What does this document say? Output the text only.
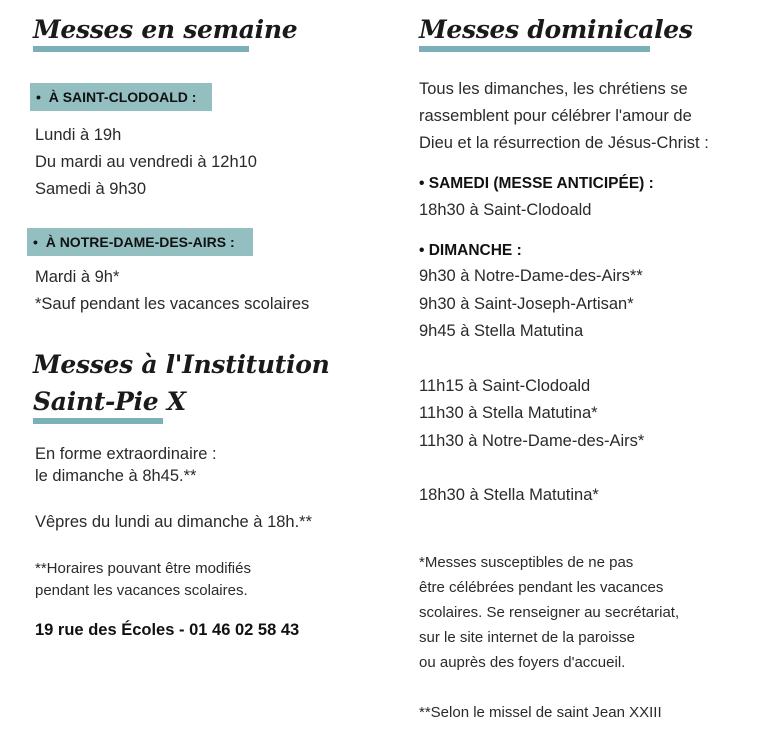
Messes en semaine
•  À SAINT-CLODOALD :
Lundi à 19h
Du mardi au vendredi à 12h10
Samedi à 9h30
•  À NOTRE-DAME-DES-AIRS :
Mardi à 9h*
*Sauf pendant les vacances scolaires
Messes à l'Institution
Saint-Pie X
En forme extraordinaire :
le dimanche à 8h45.**
Vêpres du lundi au dimanche à 18h.**
**Horaires pouvant être modifiés
pendant les vacances scolaires.
19 rue des Écoles - 01 46 02 58 43
Messes dominicales
Tous les dimanches, les chrétiens se
rassemblent pour célébrer l'amour de
Dieu et la résurrection de Jésus-Christ :
• SAMEDI (MESSE ANTICIPÉE) :
18h30 à Saint-Clodoald
• DIMANCHE :
9h30 à Notre-Dame-des-Airs**
9h30 à Saint-Joseph-Artisan*
9h45 à Stella Matutina
11h15 à Saint-Clodoald
11h30 à Stella Matutina*
11h30 à Notre-Dame-des-Airs*
18h30 à Stella Matutina*
*Messes susceptibles de ne pas
être célébrées pendant les vacances
scolaires. Se renseigner au secrétariat,
sur le site internet de la paroisse
ou auprès des foyers d'accueil.
**Selon le missel de saint Jean XXIII
